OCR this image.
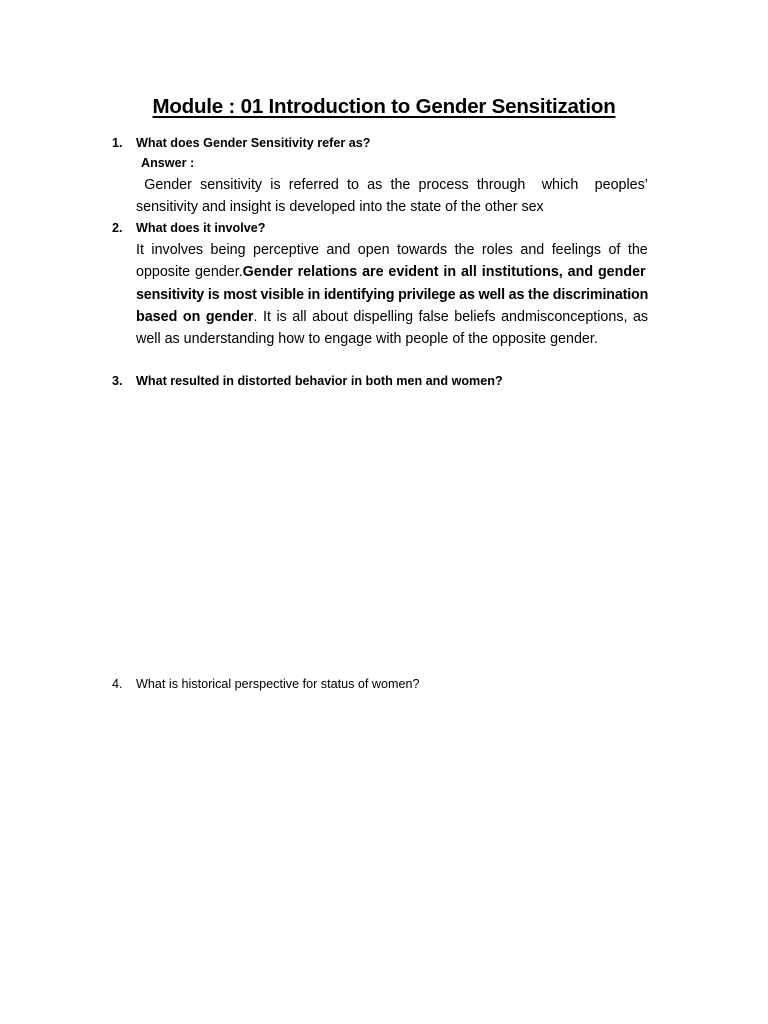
Module : 01 Introduction to Gender Sensitization
1. What does Gender Sensitivity refer as?
Answer :
Gender sensitivity is referred to as the process through  which  peoples’
sensitivity and insight is developed into the state of the other sex
2. What does it involve?
It involves being perceptive and open towards the roles and feelings of the
opposite gender.Gender relations are evident in all institutions, and gender
sensitivity is most visible in identifying privilege as well as the discrimination
based on gender. It is all about dispelling false beliefs andmisconceptions, as
well as understanding how to engage with people of the opposite gender.
3. What resulted in distorted behavior in both men and women?
4. What is historical perspective for status of women?
